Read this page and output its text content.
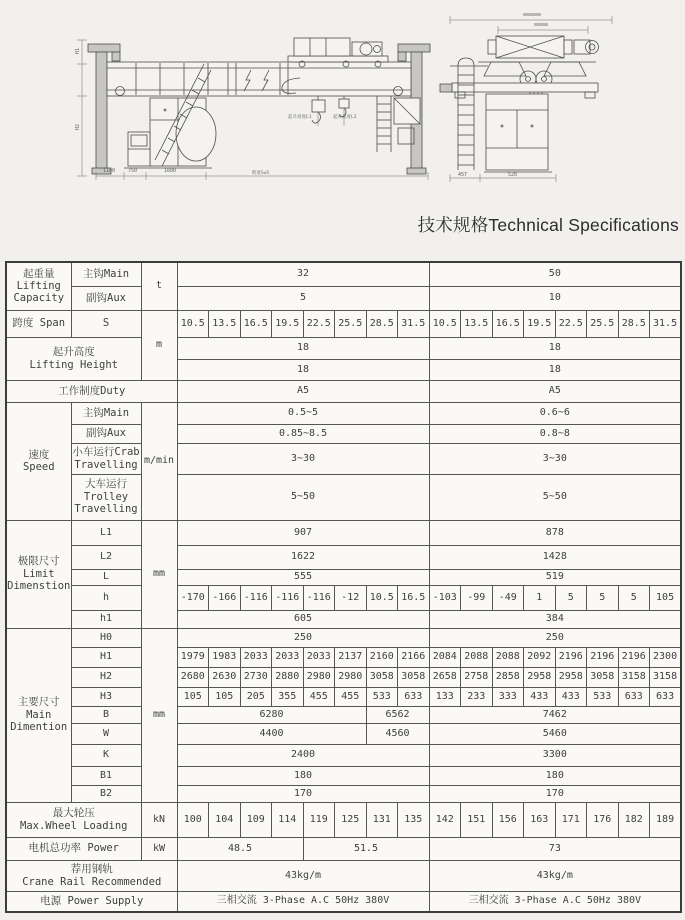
H1
H2
起升高度L1	起升高度L2
1100	750	1600	跨度S±5	457	520
技术规格Technical Specifications
起重量
Lifting
Capacity	主钩Main	t	32								50							
	副钩Aux		5								10							
跨度 Span	S	m	10.5	13.5	16.5	19.5	22.5	25.5	28.5	31.5	10.5	13.5	16.5	19.5	22.5	25.5	28.5	31.5
起升高度
Lifting Height			18								18							
			18								18							
工作制度Duty			A5								A5							
速度
Speed	主钩Main	m/min	0.5~5								0.6~6							
	副钩Aux		0.85~8.5								0.8~8							
	小车运行Crab
Travelling		3~30								3~30							
	大车运行
Trolley
Travelling		5~50								5~50							
极限尺寸
Limit
Dimenstion	L1	mm	907								878							
	L2		1622								1428							
	L		555								519							
	h		-170	-166	-116	-116	-116	-12	10.5	16.5	-103	-99	-49	1	5	5	5	105
	h1		605								384							
主要尺寸
Main
Dimention	H0	mm	250								250							
	H1		1979	1983	2033	2033	2033	2137	2160	2166	2084	2088	2088	2092	2196	2196	2196	2300
	H2		2680	2630	2730	2880	2980	2980	3058	3058	2658	2758	2858	2958	2958	3058	3158	3158
	H3		105	105	205	355	455	455	533	633	133	233	333	433	433	533	633	633
	B		6280						6562		7462							
	W		4400						4560		5460							
	K		2400								3300							
	B1		180								180							
	B2		170								170							
最大轮压
Max.Wheel Loading		kN	100	104	109	114	119	125	131	135	142	151	156	163	171	176	182	189
电机总功率 Power		kW	48.5				51.5				73							
荐用钢轨
Crane Rail Recommended			43kg/m								43kg/m							
电源 Power Supply			三相交流 3-Phase A.C 50Hz 380V								三相交流 3-Phase A.C 50Hz 380V							
